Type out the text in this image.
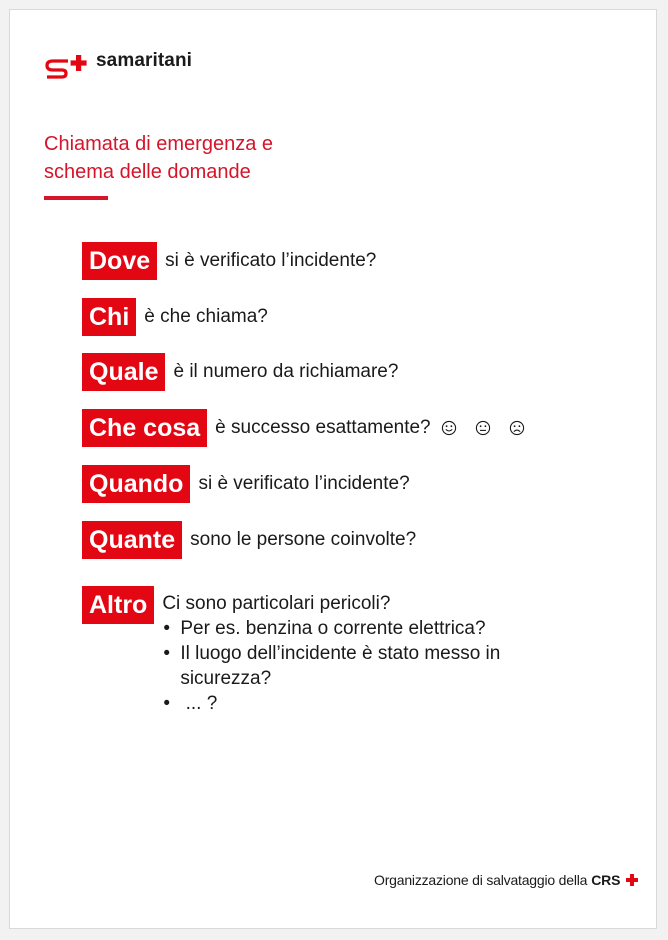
samaritani
Chiamata di emergenza e
schema delle domande
Dove si è verificato l’incidente?
Chi è che chiama?
Quale è il numero da richiamare?
Che cosa è successo esattamente?
Quando si è verificato l’incidente?
Quante sono le persone coinvolte?
Altro Ci sono particolari pericoli?
• Per es. benzina o corrente elettrica?
• Il luogo dell’incidente è stato messo in sicurezza?
•  ... ?
Organizzazione di salvataggio della CRS
